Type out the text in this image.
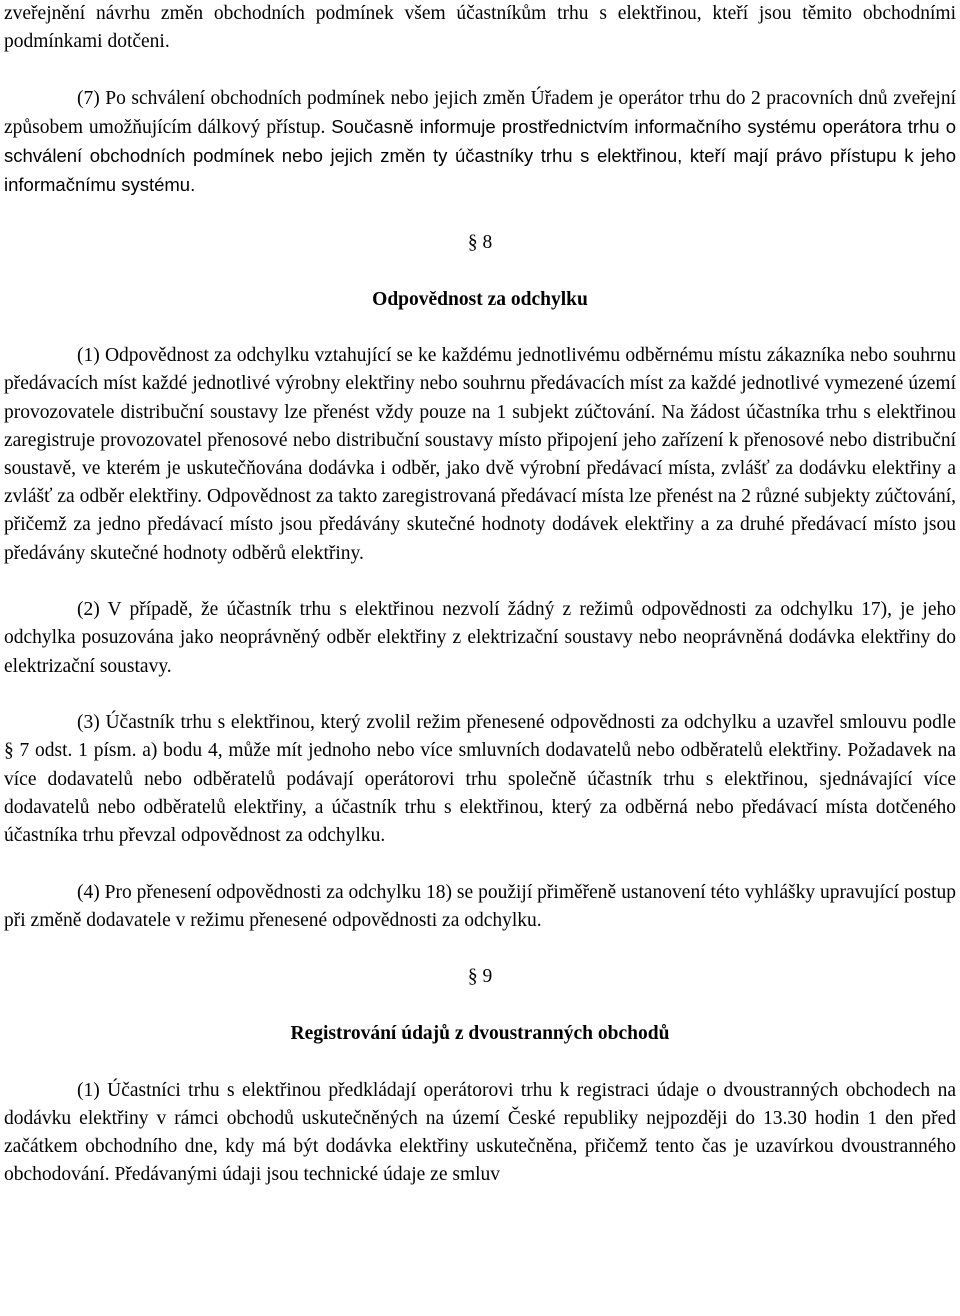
zveřejnění návrhu změn obchodních podmínek všem účastníkům trhu s elektřinou, kteří jsou těmito obchodními podmínkami dotčeni.

(7) Po schválení obchodních podmínek nebo jejich změn Úřadem je operátor trhu do 2 pracovních dnů zveřejní způsobem umožňujícím dálkový přístup. Současně informuje prostřednictvím informačního systému operátora trhu o schválení obchodních podmínek nebo jejich změn ty účastníky trhu s elektřinou, kteří mají právo přístupu k jeho informačnímu systému.

§ 8
Odpovědnost za odchylku

(1) Odpovědnost za odchylku vztahující se ke každému jednotlivému odběrnému místu zákazníka nebo souhrnu předávacích míst každé jednotlivé výrobny elektřiny nebo souhrnu předávacích míst za každé jednotlivé vymezené území provozovatele distribuční soustavy lze přenést vždy pouze na 1 subjekt zúčtování. Na žádost účastníka trhu s elektřinou zaregistruje provozovatel přenosové nebo distribuční soustavy místo připojení jeho zařízení k přenosové nebo distribuční soustavě, ve kterém je uskutečňována dodávka i odběr, jako dvě výrobní předávací místa, zvlášť za dodávku elektřiny a zvlášť za odběr elektřiny. Odpovědnost za takto zaregistrovaná předávací místa lze přenést na 2 různé subjekty zúčtování, přičemž za jedno předávací místo jsou předávány skutečné hodnoty dodávek elektřiny a za druhé předávací místo jsou předávány skutečné hodnoty odběrů elektřiny.

(2) V případě, že účastník trhu s elektřinou nezvolí žádný z režimů odpovědnosti za odchylku 17), je jeho odchylka posuzována jako neoprávněný odběr elektřiny z elektrizační soustavy nebo neoprávněná dodávka elektřiny do elektrizační soustavy.

(3) Účastník trhu s elektřinou, který zvolil režim přenesené odpovědnosti za odchylku a uzavřel smlouvu podle § 7 odst. 1 písm. a) bodu 4, může mít jednoho nebo více smluvních dodavatelů nebo odběratelů elektřiny. Požadavek na více dodavatelů nebo odběratelů podávají operátorovi trhu společně účastník trhu s elektřinou, sjednávající více dodavatelů nebo odběratelů elektřiny, a účastník trhu s elektřinou, který za odběrná nebo předávací místa dotčeného účastníka trhu převzal odpovědnost za odchylku.

(4) Pro přenesení odpovědnosti za odchylku 18) se použijí přiměřeně ustanovení této vyhlášky upravující postup při změně dodavatele v režimu přenesené odpovědnosti za odchylku.

§ 9
Registrování údajů z dvoustranných obchodů

(1) Účastníci trhu s elektřinou předkládají operátorovi trhu k registraci údaje o dvoustranných obchodech na dodávku elektřiny v rámci obchodů uskutečněných na území České republiky nejpozději do 13.30 hodin 1 den před začátkem obchodního dne, kdy má být dodávka elektřiny uskutečněna, přičemž tento čas je uzavírkou dvoustranného obchodování. Předávanými údaji jsou technické údaje ze smluv
